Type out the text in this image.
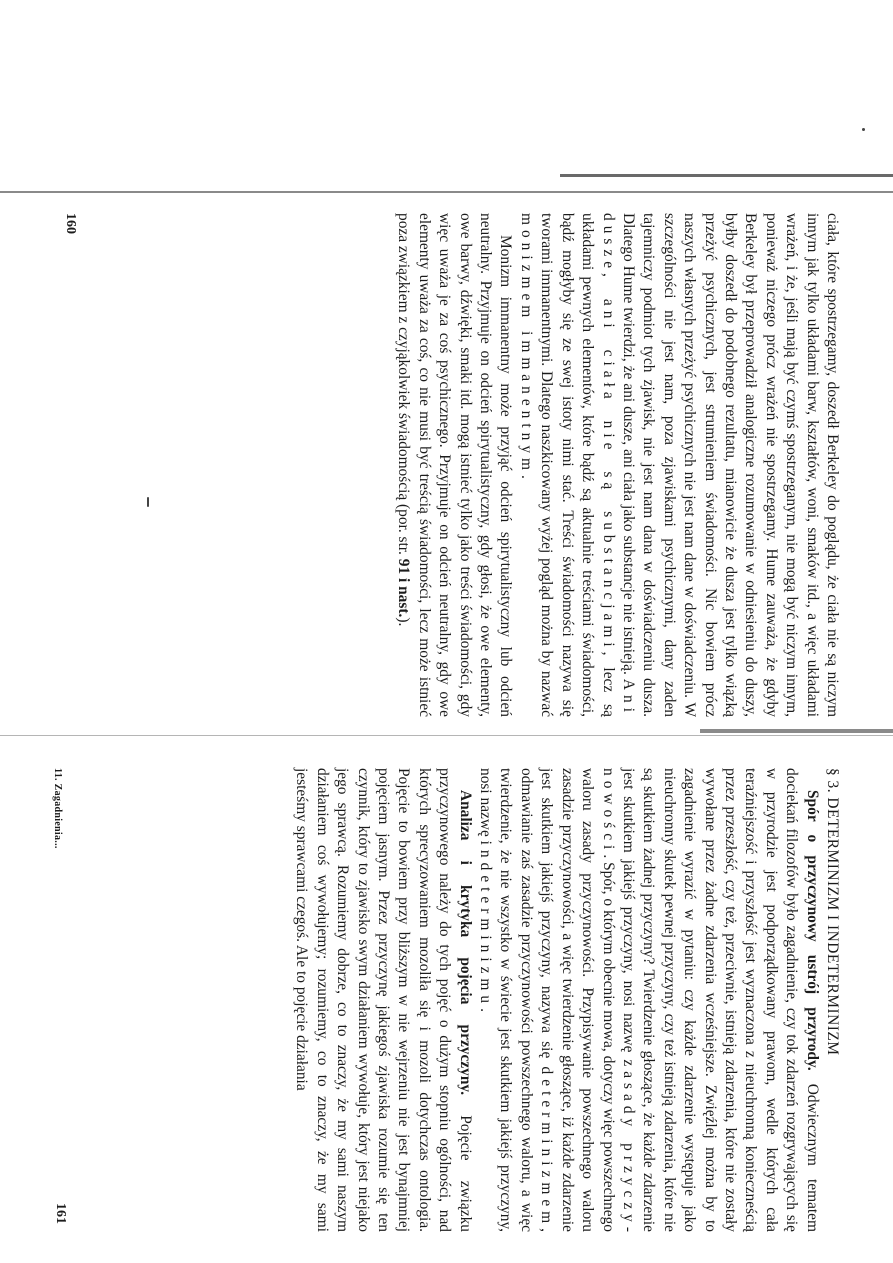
ciała, które spostrzegamy, doszedł Berkeley do poglądu, że ciała nie są niczym innym jak tylko układami barw, kształtów, woni, smaków itd., a więc układami wrażeń, i że, jeśli mają być czymś spostrzeganym, nie mogą być niczym innym, ponieważ niczego prócz wrażeń nie spostrzegamy. Hume zauważa, że gdyby Berkeley był przeprowadził analogiczne rozumowanie w odniesieniu do duszy, byłby doszedł do podobnego rezultatu, mianowicie że dusza jest tylko wiązką przeżyć psychicznych, jest strumieniem świadomości. Nic bowiem prócz naszych własnych przeżyć psychicznych nie jest nam dane w doświadczeniu. W szczególności nie jest nam, poza zjawiskami psychicznymi, dany zaden tajemniczy podmiot tych zjawisk, nie jest nam dana w doświadczeniu dusza. Dlatego Hume twierdzi, że ani dusze, ani ciała jako substancje nie istnieją. Ani dusze, ani ciała nie są substancjami, lecz są układami pewnych elementów, które bądź są aktualnie treściami świadomości, bądź mogłyby się ze swej istoty nimi stać. Treści świadomości nazywa się tworami immanentnymi. Dlatego naszkicowany wyżej pogląd można by nazwać monizmem immanentnym.

Monizm immanentny może przyjąć odcień spirytualistyczny lub odcień neutralny. Przyjmuje on odcień spirytualistyczny, gdy głosi, że owe elementy, owe barwy, dźwięki, smaki itd. mogą istnieć tylko jako treści świadomości, gdy więc uważa je za coś psychicznego. Przyjmuje on odcień neutralny, gdy owe elementy uważa za coś, co nie musi być treścią świadomości, lecz może istnieć poza związkiem z czyjąkolwiek świadomością (por. str. 91 i nast.).

160

§ 3. DETERMINIZM I INDETERMINIZM

Spór o przyczynowy ustrój przyrody. Odwiecznym tematem dociekań filozofów było zagadnienie, czy tok zdarzeń rozgrywających się w przyrodzie jest podporządkowany prawom, wedle których cała teraźniejszość i przyszłość jest wyznaczona z nieuchronną konieczneścią przez przeszłość, czy też, przeciwnie, istnieją zdarzenia, które nie zostały wywołane przez żadne zdarzenia wcześniejsze. Zwięźlej można by to zagadnienie wyrazić w pytaniu: czy każde zdarzenie występuje jako nieuchronny skutek pewnej przyczyny, czy też istnieją zdarzenia, które nie są skutkiem żadnej przyczyny? Twierdzenie głoszące, że każde zdarzenie jest skutkiem jakiejś przyczyny, nosi nazwę zasady przyczynowości. Spór, o którym obecnie mowa, dotyczy więc powszechnego waloru zasady przyczynowości. Przypisywanie powszechnego waloru zasadzie przyczynowości, a więc twierdzenie głoszące, iż każde zdarzenie jest skutkiem jakiejś przyczyny, nazywa się determinizmem, odmawianie zaś zasadzie przyczynowości powszechnego waloru, a więc twierdzenie, że nie wszystko w świecie jest skutkiem jakiejś przyczyny, nosi nazwę indeterminizmu.

Analiza i krytyka pojęcia przyczyny. Pojęcie związku przyczynowego należy do tych pojęć o dużym stopniu ogólności, nad których sprecyzowaniem mozoliła się i mozoli dotychczas ontologia. Pojęcie to bowiem przy bliższym w nie wejrzeniu nie jest bynajmniej pojęciem jasnym. Przez przyczynę jakiegoś zjawiska rozumie się ten czynnik, który to zjawisko swym działaniem wywołuje, który jest niejako jego sprawcą. Rozumiemy dobrze, co to znaczy, że my sami naszym działaniem coś wywołujemy; rozumiemy, co to znaczy, że my sami jesteśmy sprawcami czegoś. Ale to pojęcie działania

11. Zagadnienia...
161
